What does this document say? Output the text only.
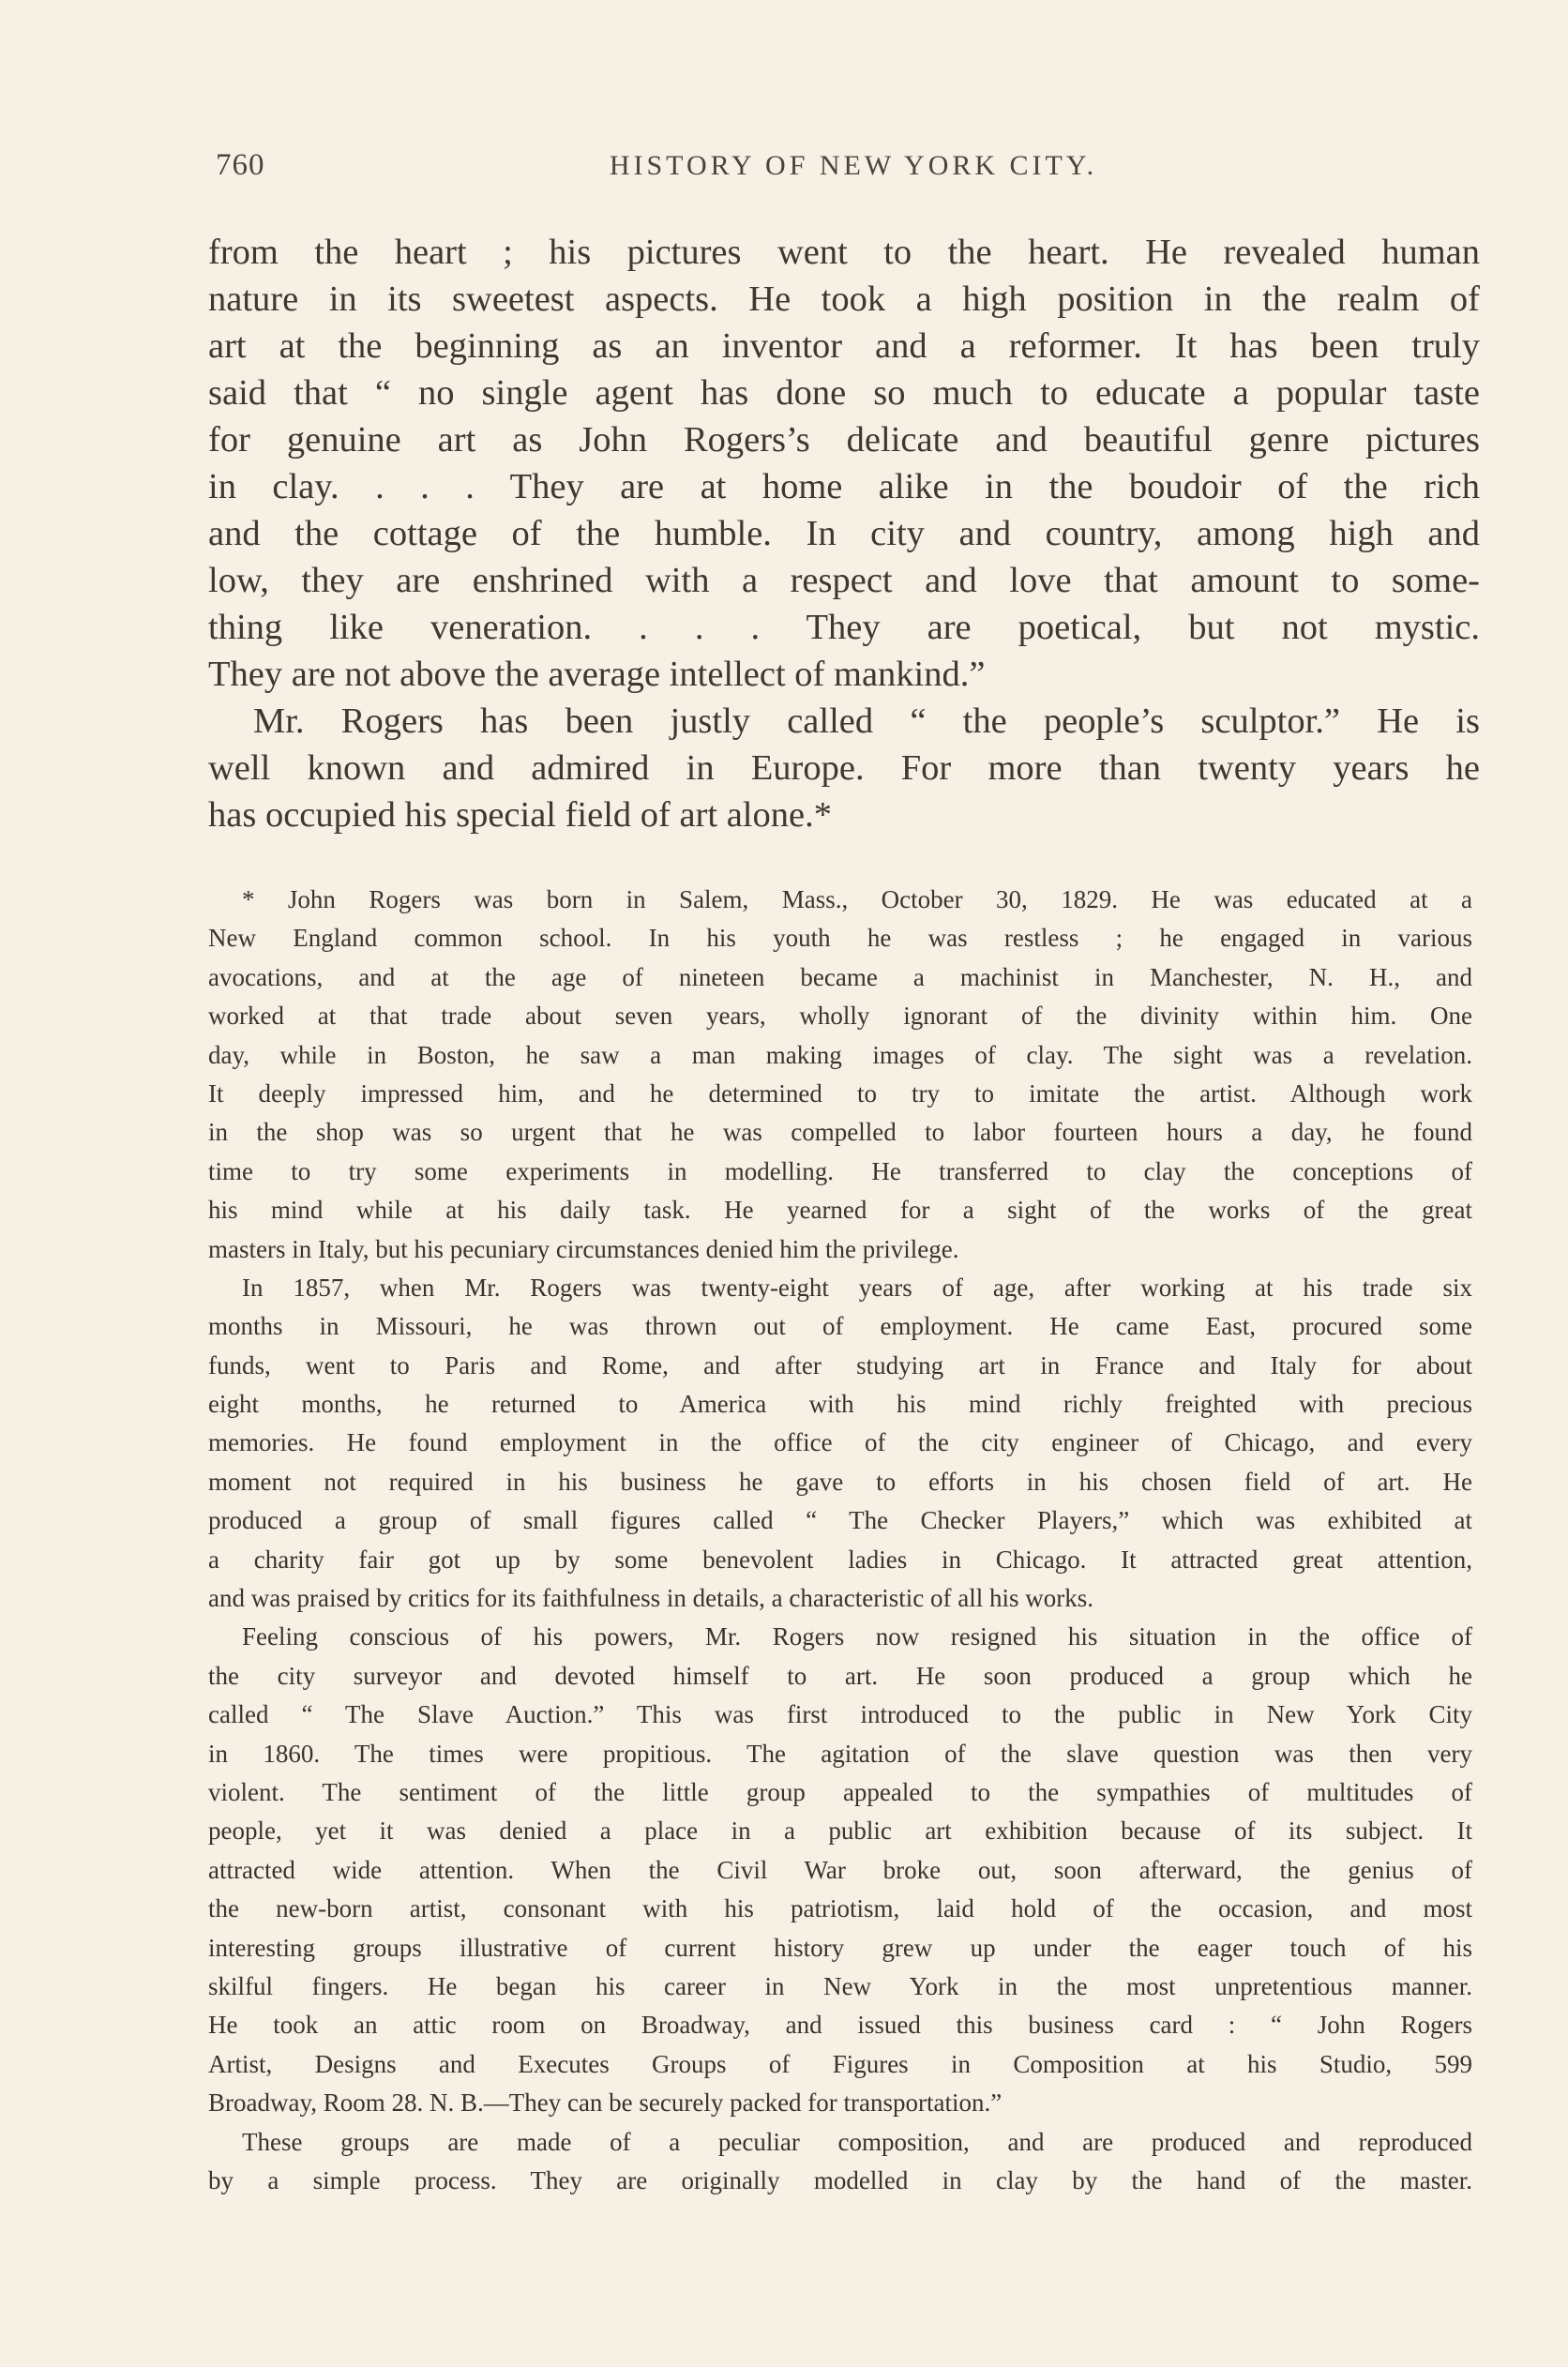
760	HISTORY OF NEW YORK CITY.
from the heart ; his pictures went to the heart. He revealed human
nature in its sweetest aspects. He took a high position in the realm of
art at the beginning as an inventor and a reformer. It has been truly
said that “ no single agent has done so much to educate a popular taste
for genuine art as John Rogers’s delicate and beautiful genre pictures
in clay. . . . They are at home alike in the boudoir of the rich
and the cottage of the humble. In city and country, among high and
low, they are enshrined with a respect and love that amount to some-
thing like veneration. . . . They are poetical, but not mystic.
They are not above the average intellect of mankind.”
Mr. Rogers has been justly called “ the people’s sculptor.” He is
well known and admired in Europe. For more than twenty years he
has occupied his special field of art alone.*
* John Rogers was born in Salem, Mass., October 30, 1829. He was educated at a
New England common school. In his youth he was restless ; he engaged in various
avocations, and at the age of nineteen became a machinist in Manchester, N. H., and
worked at that trade about seven years, wholly ignorant of the divinity within him. One
day, while in Boston, he saw a man making images of clay. The sight was a revelation.
It deeply impressed him, and he determined to try to imitate the artist. Although work
in the shop was so urgent that he was compelled to labor fourteen hours a day, he found
time to try some experiments in modelling. He transferred to clay the conceptions of
his mind while at his daily task. He yearned for a sight of the works of the great
masters in Italy, but his pecuniary circumstances denied him the privilege.
In 1857, when Mr. Rogers was twenty-eight years of age, after working at his trade six
months in Missouri, he was thrown out of employment. He came East, procured some
funds, went to Paris and Rome, and after studying art in France and Italy for about
eight months, he returned to America with his mind richly freighted with precious
memories. He found employment in the office of the city engineer of Chicago, and every
moment not required in his business he gave to efforts in his chosen field of art. He
produced a group of small figures called “ The Checker Players,” which was exhibited at
a charity fair got up by some benevolent ladies in Chicago. It attracted great attention,
and was praised by critics for its faithfulness in details, a characteristic of all his works.
Feeling conscious of his powers, Mr. Rogers now resigned his situation in the office of
the city surveyor and devoted himself to art. He soon produced a group which he
called “ The Slave Auction.” This was first introduced to the public in New York City
in 1860. The times were propitious. The agitation of the slave question was then very
violent. The sentiment of the little group appealed to the sympathies of multitudes of
people, yet it was denied a place in a public art exhibition because of its subject. It
attracted wide attention. When the Civil War broke out, soon afterward, the genius of
the new-born artist, consonant with his patriotism, laid hold of the occasion, and most
interesting groups illustrative of current history grew up under the eager touch of his
skilful fingers. He began his career in New York in the most unpretentious manner.
He took an attic room on Broadway, and issued this business card : “ John Rogers
Artist, Designs and Executes Groups of Figures in Composition at his Studio, 599
Broadway, Room 28. N. B.—They can be securely packed for transportation.”
These groups are made of a peculiar composition, and are produced and reproduced
by a simple process. They are originally modelled in clay by the hand of the master.
